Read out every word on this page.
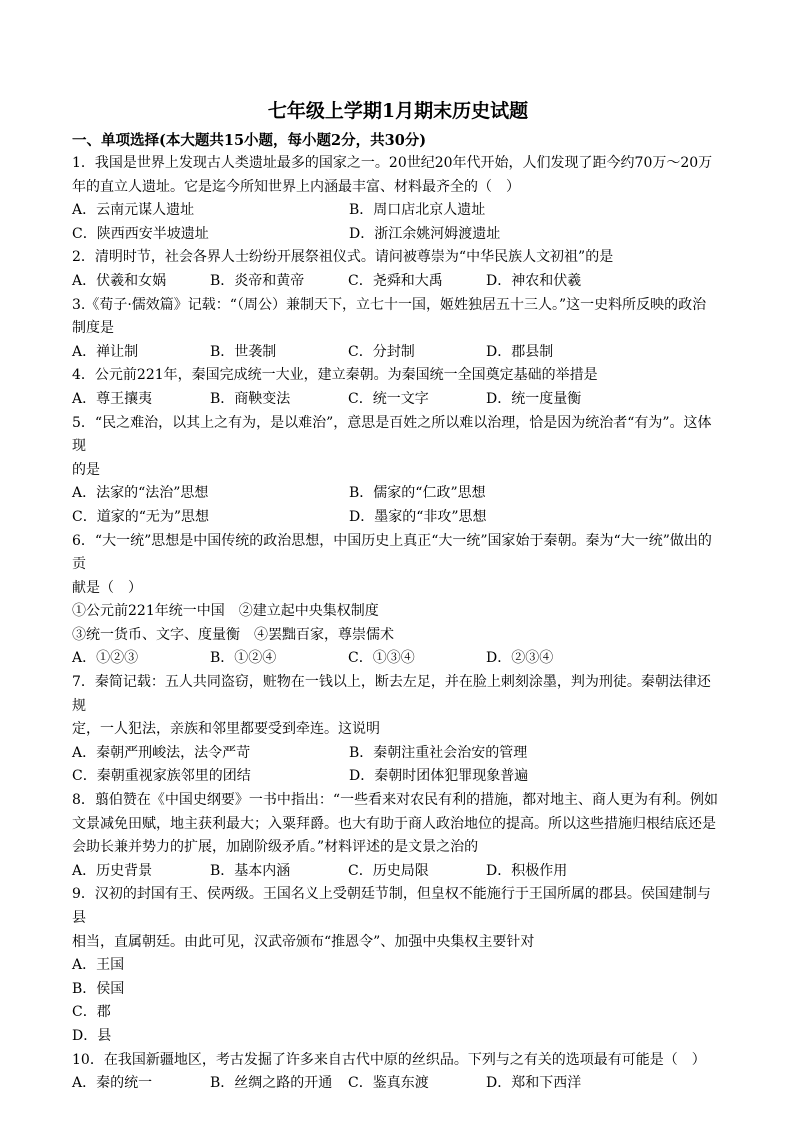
七年级上学期1月期末历史试题
一、单项选择(本大题共15小题，每小题2分，共30分)
1．我国是世界上发现古人类遗址最多的国家之一。20世纪20年代开始，人们发现了距今约70万～20万
年的直立人遗址。它是迄今所知世界上内涵最丰富、材料最齐全的（　）
A．云南元谋人遗址	B．周口店北京人遗址
C．陕西西安半坡遗址	D．浙江余姚河姆渡遗址
2．清明时节，社会各界人士纷纷开展祭祖仪式。请问被尊崇为“中华民族人文初祖”的是
A．伏羲和女娲	B．炎帝和黄帝	C．尧舜和大禹	D．神农和伏羲
3.《荀子·儒效篇》记载：“（周公）兼制天下，立七十一国，姬姓独居五十三人。”这一史料所反映的政治
制度是
A．禅让制	B．世袭制	C．分封制	D．郡县制
4．公元前221年，秦国完成统一大业，建立秦朝。为秦国统一全国奠定基础的举措是
A．尊王攘夷	B．商鞅变法	C．统一文字	D．统一度量衡
5．“民之难治，以其上之有为，是以难治”，意思是百姓之所以难以治理，恰是因为统治者“有为”。这体现
的是
A．法家的“法治”思想	B．儒家的“仁政”思想
C．道家的“无为”思想	D．墨家的“非攻”思想
6．“大一统”思想是中国传统的政治思想，中国历史上真正“大一统”国家始于秦朝。秦为“大一统”做出的贡
献是（　）
①公元前221年统一中国　②建立起中央集权制度
③统一货币、文字、度量衡　④罢黜百家，尊崇儒术
A．①②③	B．①②④	C．①③④	D．②③④
7．秦简记载：五人共同盗窃，赃物在一钱以上，断去左足，并在脸上刺刻涂墨，判为刑徒。秦朝法律还规
定，一人犯法，亲族和邻里都要受到牵连。这说明
A．秦朝严刑峻法，法令严苛	B．秦朝注重社会治安的管理
C．秦朝重视家族邻里的团结	D．秦朝时团体犯罪现象普遍
8．翦伯赞在《中国史纲要》一书中指出：“一些看来对农民有利的措施，都对地主、商人更为有利。例如
文景减免田赋，地主获利最大；入粟拜爵。也大有助于商人政治地位的提高。所以这些措施归根结底还是
会助长兼并势力的扩展，加剧阶级矛盾。”材料评述的是文景之治的
A．历史背景	B．基本内涵	C．历史局限	D．积极作用
9．汉初的封国有王、侯两级。王国名义上受朝廷节制，但皇权不能施行于王国所属的郡县。侯国建制与县
相当，直属朝廷。由此可见，汉武帝颁布“推恩令”、加强中央集权主要针对
A．王国
B．侯国
C．郡
D．县
10．在我国新疆地区，考古发掘了许多来自古代中原的丝织品。下列与之有关的选项最有可能是（　）
A．秦的统一	B．丝绸之路的开通	C．鉴真东渡	D．郑和下西洋
